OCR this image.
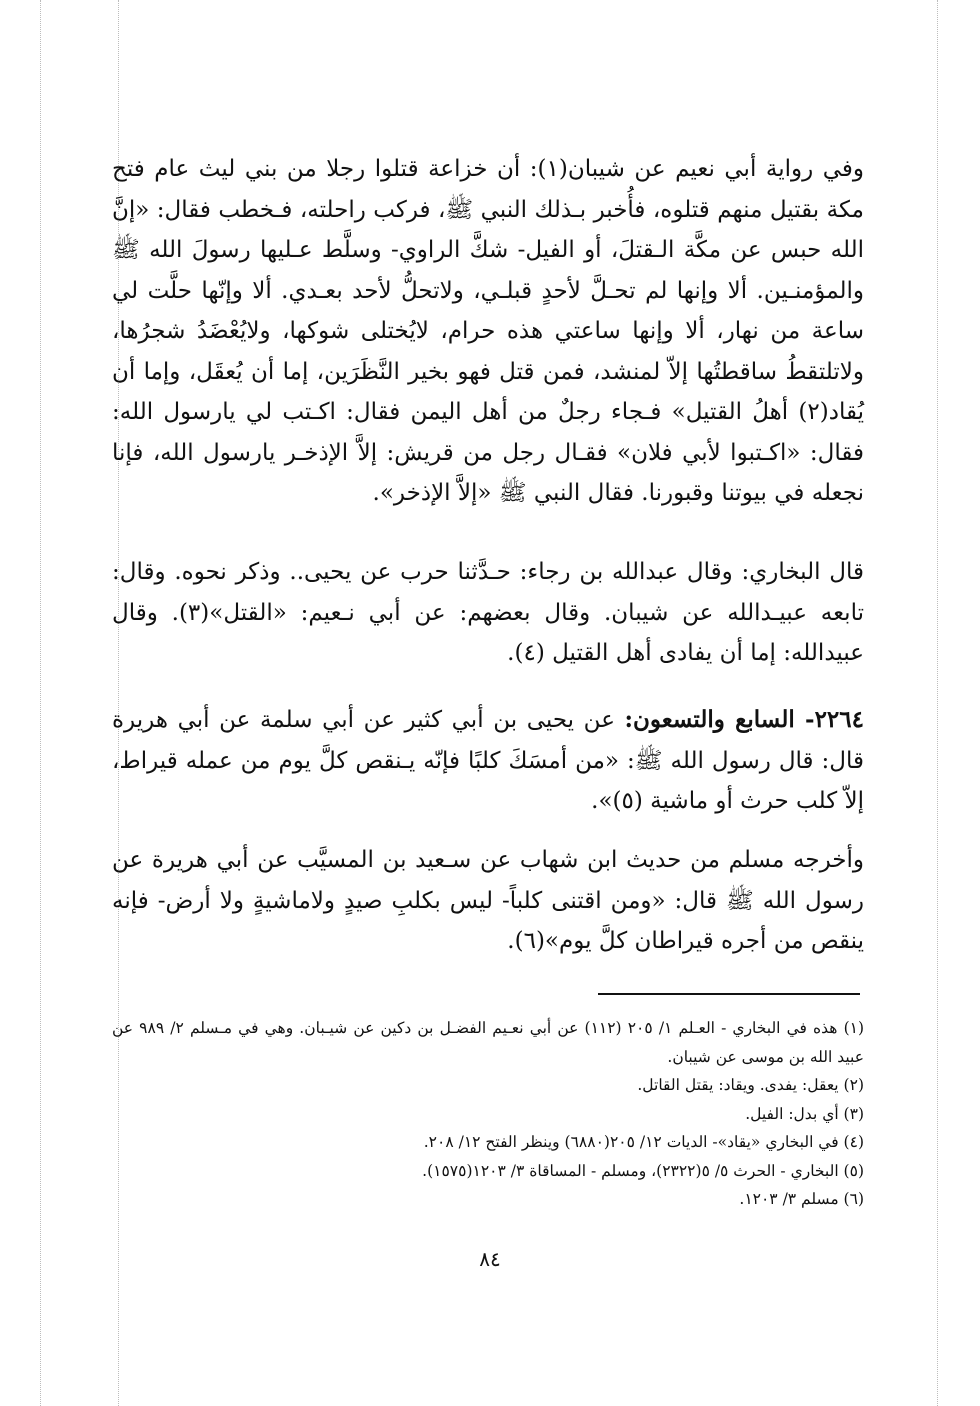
وفي رواية أبي نعيم عن شيبان(١): أن خزاعة قتلوا رجلا من بني ليث عام فتح مكة بقتيل منهم قتلوه، فأُخبر بـذلك النبي ﷺ، فركب راحلته، فـخطب فقال: «إنَّ الله حبس عن مكَّة الـقتلَ، أو الفيل- شكَّ الراوي- وسلَّط عـليها رسولَ الله ﷺ والمؤمنـين. ألا وإنها لم تحـلَّ لأحدٍ قبلـي، ولاتحلُّ لأحد بعـدي. ألا وإنّها حلَّت لي ساعة من نهار، ألا وإنها ساعتي هذه حرام، لايُختلى شوكها، ولايُعْضَدُ شجرُها، ولاتلتقطُ ساقطتُها إلاّ لمنشد، فمن قتل فهو بخير النَّظَرَين، إما أن يُعقَل، وإما أن يُقاد(٢) أهلُ القتيل» فـجاء رجلٌ من أهل اليمن فقال: اكـتب لي يارسول الله: فقال: «اكـتبوا لأبي فلان» فقـال رجل من قريش: إلاَّ الإذخـر يارسول الله، فإنا نجعله في بيوتنا وقبورنا. فقال النبي ﷺ «إلاَّ الإذخر».

قال البخاري: وقال عبدالله بن رجاء: حـدَّثنا حرب عن يحيى.. وذكر نحوه. وقال: تابعه عبيـدالله عن شيبان. وقال بعضهم: عن أبي نـعيم: «القتل»(٣). وقال عبيدالله: إما أن يفادى أهل القتيل (٤).

٢٢٦٤- السابع والتسعون: عن يحيى بن أبي كثير عن أبي سلمة عن أبي هريرة قال: قال رسول الله ﷺ: «من أمسَكَ كلبًا فإنّه يـنقص كلَّ يوم من عمله قيراط، إلاّ كلب حرث أو ماشية (٥)».

وأخرجه مسلم من حديث ابن شهاب عن سـعيد بن المسيَّب عن أبي هريرة عن رسول الله ﷺ قال: «ومن اقتنى كلباً- ليس بكلبِ صيدٍ ولاماشيةٍ ولا أرض- فإنه ينقص من أجره قيراطان كلَّ يوم»(٦).

(١) هذه في البخاري - العـلم ١/ ٢٠٥ (١١٢) عن أبي نعـيم الفضـل بن دكين عن شيـبان. وهي في مـسلم ٢/ ٩٨٩ عن عبيد الله بن موسى عن شيبان.

(٢) يعقل: يفدى. ويقاد: يقتل القاتل.

(٣) أي بدل: الفيل.

(٤) في البخاري «يقاد»- الديات ١٢/ ٢٠٥(٦٨٨٠) وينظر الفتح ١٢/ ٢٠٨.

(٥) البخاري - الحرث ٥/ ٥(٢٣٢٢)، ومسلم - المساقاة ٣/ ١٢٠٣(١٥٧٥).

(٦) مسلم ٣/ ١٢٠٣.

٨٤
